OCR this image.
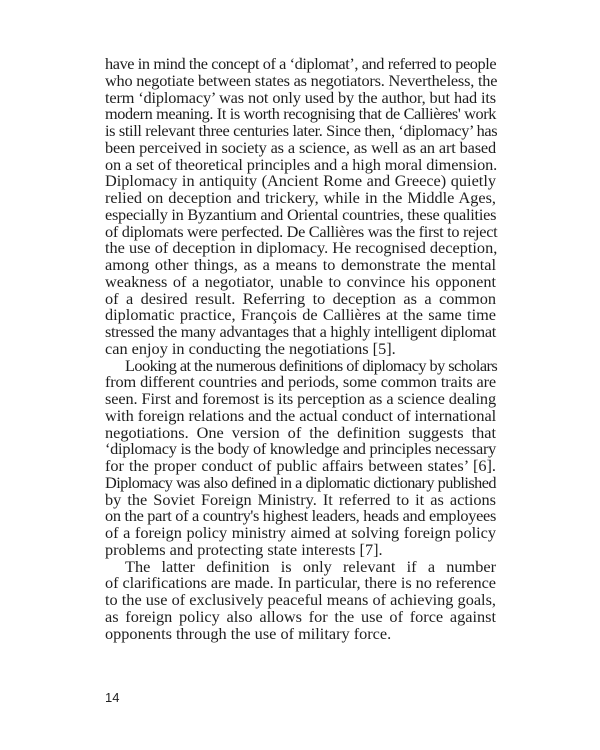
have in mind the concept of a ‘diplomat’, and referred to people
who negotiate between states as negotiators. Nevertheless, the
term ‘diplomacy’ was not only used by the author, but had its
modern meaning. It is worth recognising that de Callières' work
is still relevant three centuries later. Since then, ‘diplomacy’ has
been perceived in society as a science, as well as an art based
on a set of theoretical principles and a high moral dimension.
Diplomacy in antiquity (Ancient Rome and Greece) quietly
relied on deception and trickery, while in the Middle Ages,
especially in Byzantium and Oriental countries, these qualities
of diplomats were perfected. De Callières was the first to reject
the use of deception in diplomacy. He recognised deception,
among other things, as a means to demonstrate the mental
weakness of a negotiator, unable to convince his opponent
of a desired result. Referring to deception as a common
diplomatic practice, François de Callières at the same time
stressed the many advantages that a highly intelligent diplomat
can enjoy in conducting the negotiations [5].
Looking at the numerous definitions of diplomacy by scholars
from different countries and periods, some common traits are
seen. First and foremost is its perception as a science dealing
with foreign relations and the actual conduct of international
negotiations. One version of the definition suggests that
‘diplomacy is the body of knowledge and principles necessary
for the proper conduct of public affairs between states’ [6].
Diplomacy was also defined in a diplomatic dictionary published
by the Soviet Foreign Ministry. It referred to it as actions
on the part of a country's highest leaders, heads and employees
of a foreign policy ministry aimed at solving foreign policy
problems and protecting state interests [7].
The latter definition is only relevant if a number
of clarifications are made. In particular, there is no reference
to the use of exclusively peaceful means of achieving goals,
as foreign policy also allows for the use of force against
opponents through the use of military force.
14
